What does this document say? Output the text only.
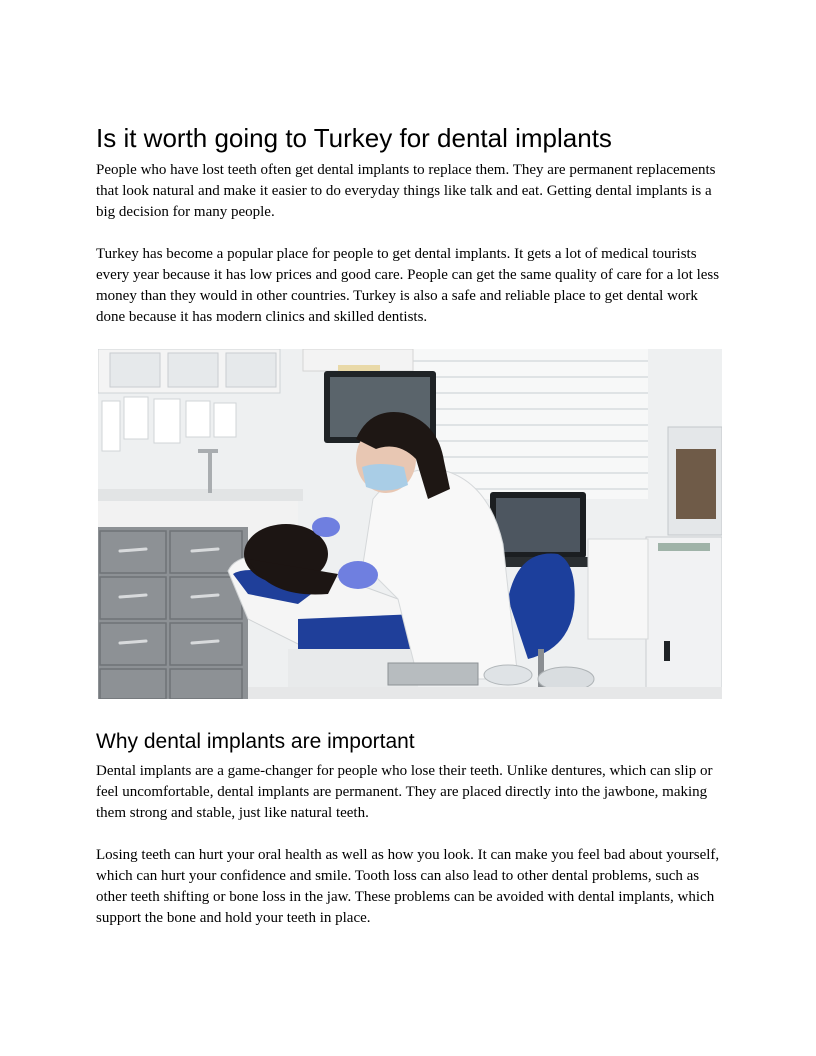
Is it worth going to Turkey for dental implants

People who have lost teeth often get dental implants to replace them. They are permanent replacements that look natural and make it easier to do everyday things like talk and eat. Getting dental implants is a big decision for many people.

Turkey has become a popular place for people to get dental implants. It gets a lot of medical tourists every year because it has low prices and good care. People can get the same quality of care for a lot less money than they would in other countries. Turkey is also a safe and reliable place to get dental work done because it has modern clinics and skilled dentists.

Why dental implants are important

Dental implants are a game-changer for people who lose their teeth. Unlike dentures, which can slip or feel uncomfortable, dental implants are permanent. They are placed directly into the jawbone, making them strong and stable, just like natural teeth.

Losing teeth can hurt your oral health as well as how you look. It can make you feel bad about yourself, which can hurt your confidence and smile. Tooth loss can also lead to other dental problems, such as other teeth shifting or bone loss in the jaw. These problems can be avoided with dental implants, which support the bone and hold your teeth in place.
